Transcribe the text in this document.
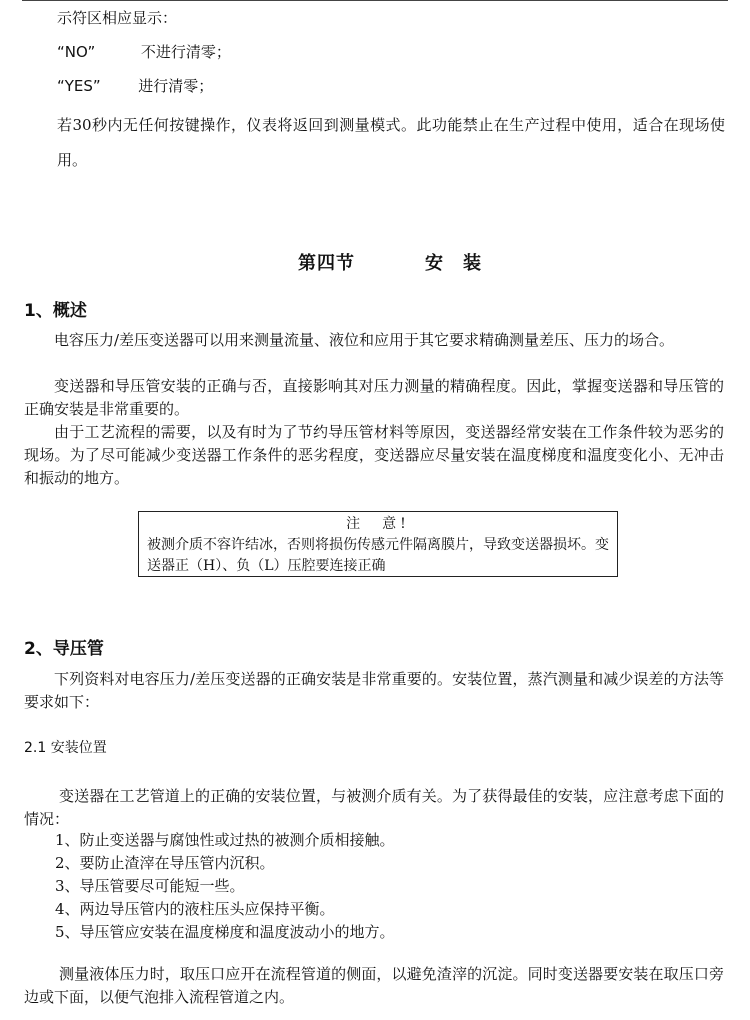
示符区相应显示：
“NO”	不进行清零；
“YES”	进行清零；
若30秒内无任何按键操作，仪表将返回到测量模式。此功能禁止在生产过程中使用，适合在现场使用。
第四节	安　装
1、概述
电容压力/差压变送器可以用来测量流量、液位和应用于其它要求精确测量差压、压力的场合。
变送器和导压管安装的正确与否，直接影响其对压力测量的精确程度。因此，掌握变送器和导压管的正确安装是非常重要的。
由于工艺流程的需要，以及有时为了节约导压管材料等原因，变送器经常安装在工作条件较为恶劣的现场。为了尽可能减少变送器工作条件的恶劣程度，变送器应尽量安装在温度梯度和温度变化小、无冲击和振动的地方。
注　意!
被测介质不容许结冰，否则将损伤传感元件隔离膜片，导致变送器损坏。变送器正（H）、负（L）压腔要连接正确
2、导压管
下列资料对电容压力/差压变送器的正确安装是非常重要的。安装位置，蒸汽测量和减少误差的方法等要求如下：
2.1 安装位置
变送器在工艺管道上的正确的安装位置，与被测介质有关。为了获得最佳的安装，应注意考虑下面的情况：
1、防止变送器与腐蚀性或过热的被测介质相接触。
2、要防止渣滓在导压管内沉积。
3、导压管要尽可能短一些。
4、两边导压管内的液柱压头应保持平衡。
5、导压管应安装在温度梯度和温度波动小的地方。
测量液体压力时，取压口应开在流程管道的侧面，以避免渣滓的沉淀。同时变送器要安装在取压口旁边或下面，以便气泡排入流程管道之内。
